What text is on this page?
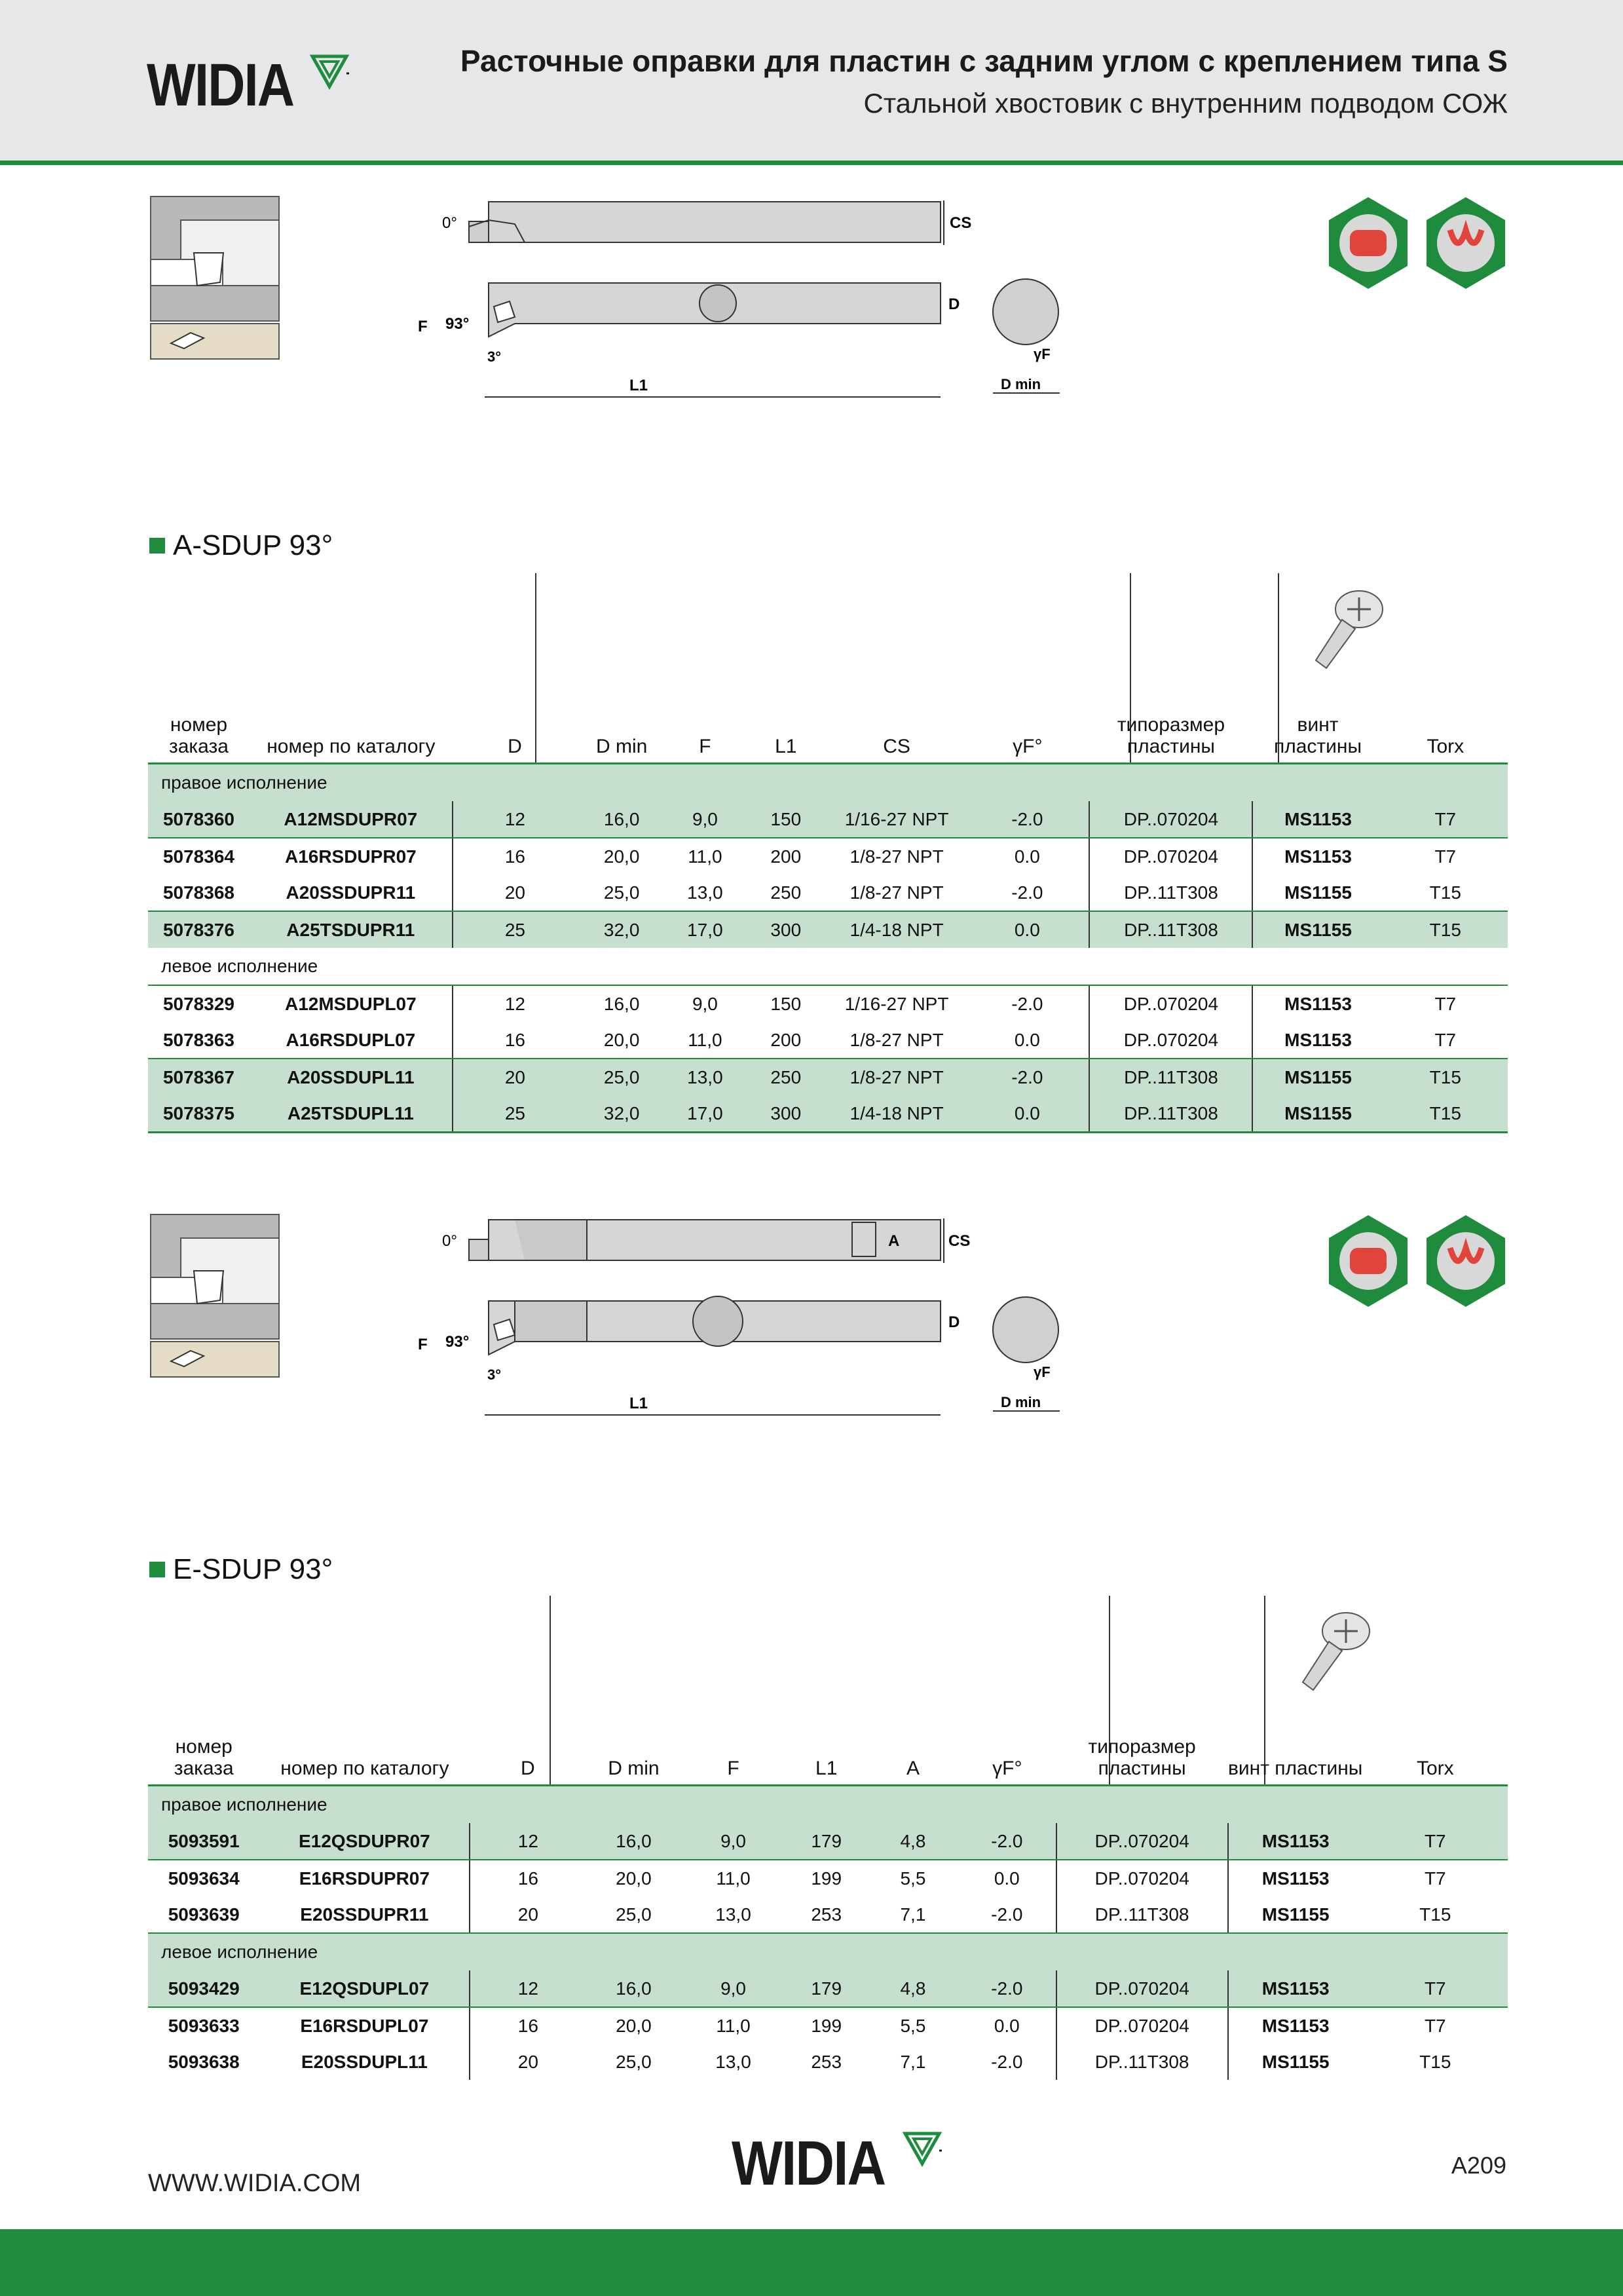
WIDIA	Расточные оправки для пластин с задним углом с креплением типа S
Стальной хвостовик с внутренним подводом СОЖ
0°	CS
D
F 93°
3°
L1
γF
D min
A-SDUP 93°
номер заказа	номер по каталогу	D	D min	F	L1	CS	γF°	типоразмер пластины	винт пластины	Torx
правое исполнение										
5078360	A12MSDUPR07	12	16,0	9,0	150	1/16-27 NPT	-2.0	DP..070204	MS1153	T7
5078364	A16RSDUPR07	16	20,0	11,0	200	1/8-27 NPT	0.0	DP..070204	MS1153	T7
5078368	A20SSDUPR11	20	25,0	13,0	250	1/8-27 NPT	-2.0	DP..11T308	MS1155	T15
5078376	A25TSDUPR11	25	32,0	17,0	300	1/4-18 NPT	0.0	DP..11T308	MS1155	T15
левое исполнение										
5078329	A12MSDUPL07	12	16,0	9,0	150	1/16-27 NPT	-2.0	DP..070204	MS1153	T7
5078363	A16RSDUPL07	16	20,0	11,0	200	1/8-27 NPT	0.0	DP..070204	MS1153	T7
5078367	A20SSDUPL11	20	25,0	13,0	250	1/8-27 NPT	-2.0	DP..11T308	MS1155	T15
5078375	A25TSDUPL11	25	32,0	17,0	300	1/4-18 NPT	0.0	DP..11T308	MS1155	T15
0°	CS
A
D
F 93°
3°
L1
γF
D min
E-SDUP 93°
номер заказа	номер по каталогу	D	D min	F	L1	A	γF°	типоразмер пластины	винт пластины	Torx
правое исполнение										
5093591	E12QSDUPR07	12	16,0	9,0	179	4,8	-2.0	DP..070204	MS1153	T7
5093634	E16RSDUPR07	16	20,0	11,0	199	5,5	0.0	DP..070204	MS1153	T7
5093639	E20SSDUPR11	20	25,0	13,0	253	7,1	-2.0	DP..11T308	MS1155	T15
левое исполнение										
5093429	E12QSDUPL07	12	16,0	9,0	179	4,8	-2.0	DP..070204	MS1153	T7
5093633	E16RSDUPL07	16	20,0	11,0	199	5,5	0.0	DP..070204	MS1153	T7
5093638	E20SSDUPL11	20	25,0	13,0	253	7,1	-2.0	DP..11T308	MS1155	T15
WWW.WIDIA.COM	WIDIA	A209
